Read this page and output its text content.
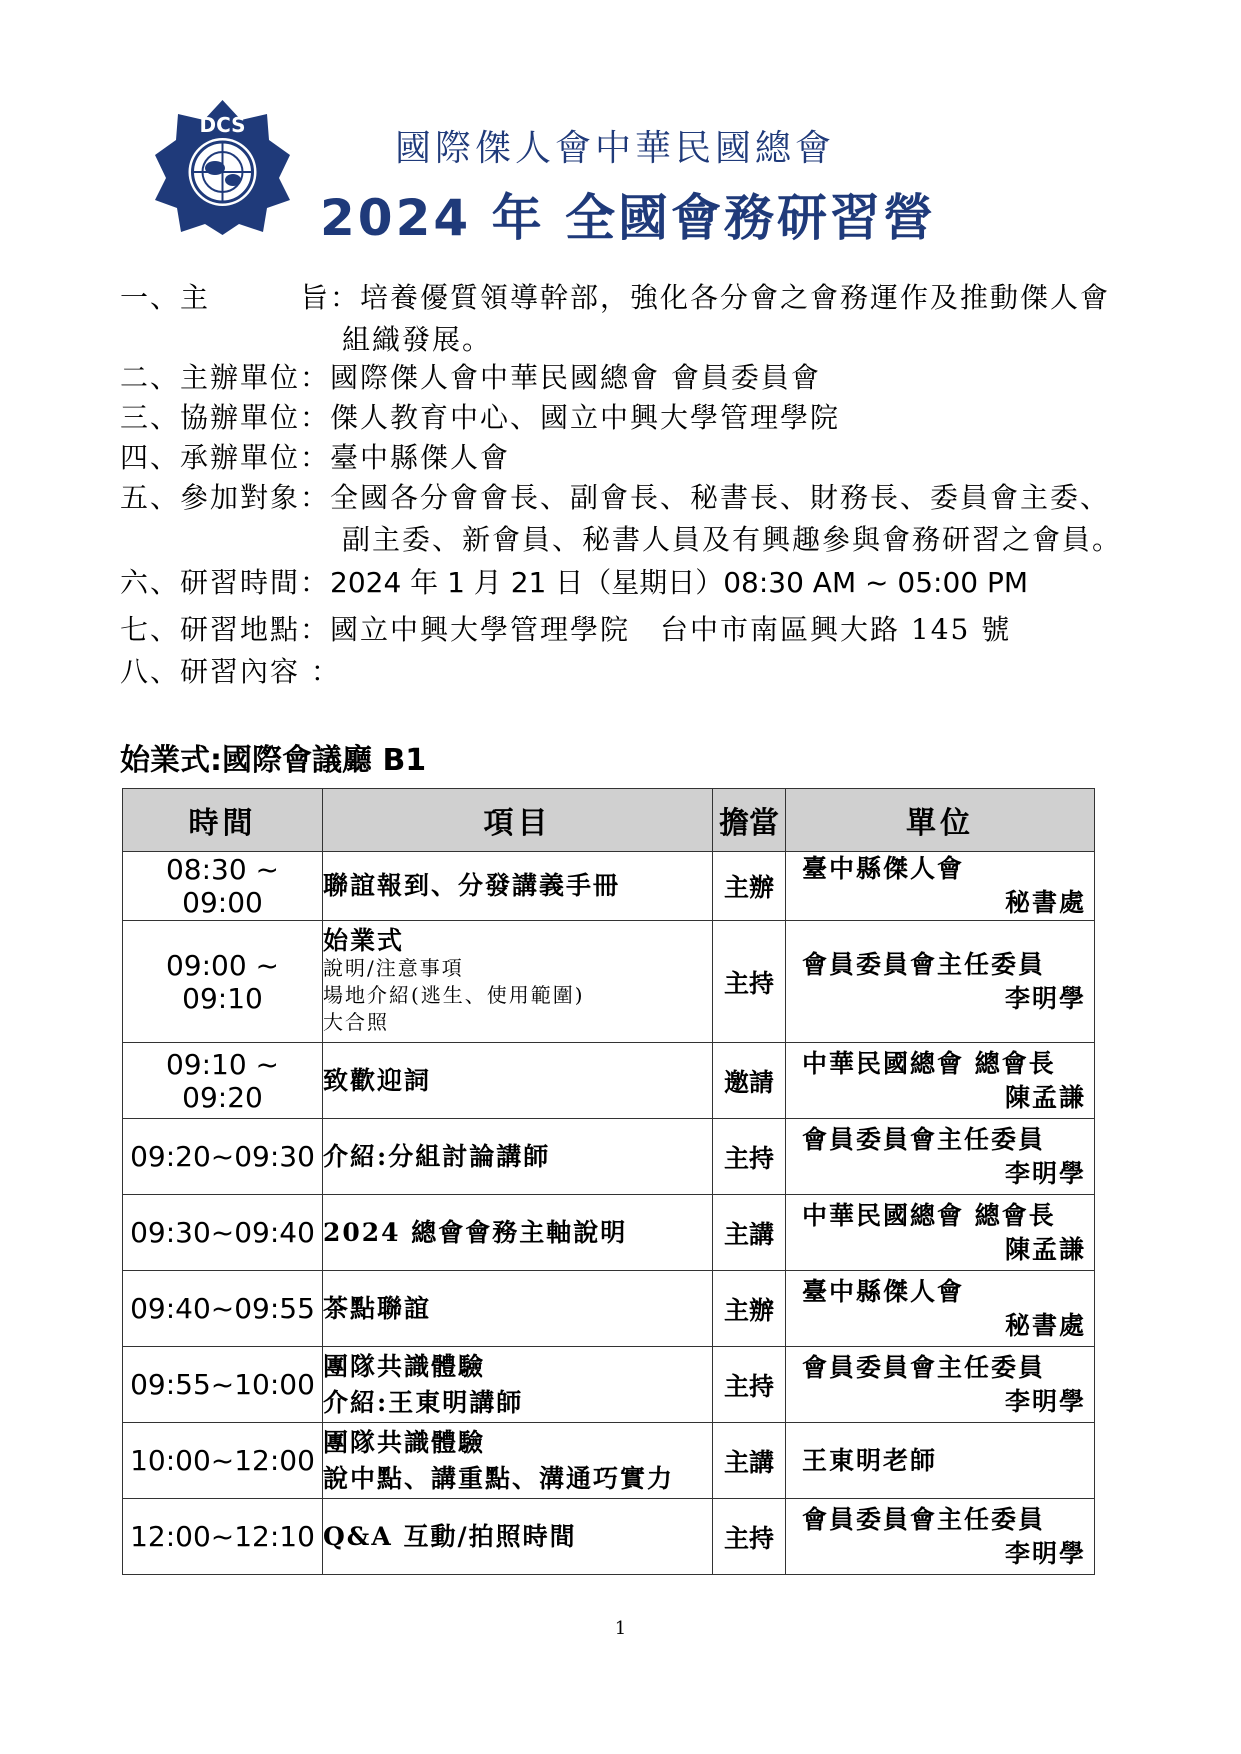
DCS
國際傑人會中華民國總會
2024 年 全國會務研習營
一、主　　　旨：培養優質領導幹部，強化各分會之會務運作及推動傑人會
組織發展。
二、主辦單位：國際傑人會中華民國總會 會員委員會
三、協辦單位：傑人教育中心、國立中興大學管理學院
四、承辦單位：臺中縣傑人會
五、參加對象：全國各分會會長、副會長、秘書長、財務長、委員會主委、
副主委、新會員、秘書人員及有興趣參與會務研習之會員。
六、研習時間：2024 年 1 月 21 日（星期日）08:30 AM ~ 05:00 PM
七、研習地點：國立中興大學管理學院　台中市南區興大路 145 號
八、研習內容 ：
始業式:國際會議廳 B1
時間	項目	擔當	單位
08:30 ~ 09:00	聯誼報到、分發講義手冊	主辦	臺中縣傑人會
秘書處

09:00 ~ 09:10	始業式
說明/注意事項
場地介紹(逃生、使用範圍)
大合照	主持	會員委員會主任委員
李明學

09:10 ~ 09:20	致歡迎詞	邀請	中華民國總會 總會長
陳孟謙

09:20~09:30	介紹:分組討論講師	主持	會員委員會主任委員
李明學

09:30~09:40	2024 總會會務主軸說明	主講	中華民國總會 總會長
陳孟謙

09:40~09:55	茶點聯誼	主辦	臺中縣傑人會
秘書處

09:55~10:00	團隊共識體驗
介紹:王東明講師	主持	會員委員會主任委員
李明學

10:00~12:00	團隊共識體驗
說中點、講重點、溝通巧實力	主講	王東明老師

12:00~12:10	Q&A 互動/拍照時間	主持	會員委員會主任委員
李明學
1
